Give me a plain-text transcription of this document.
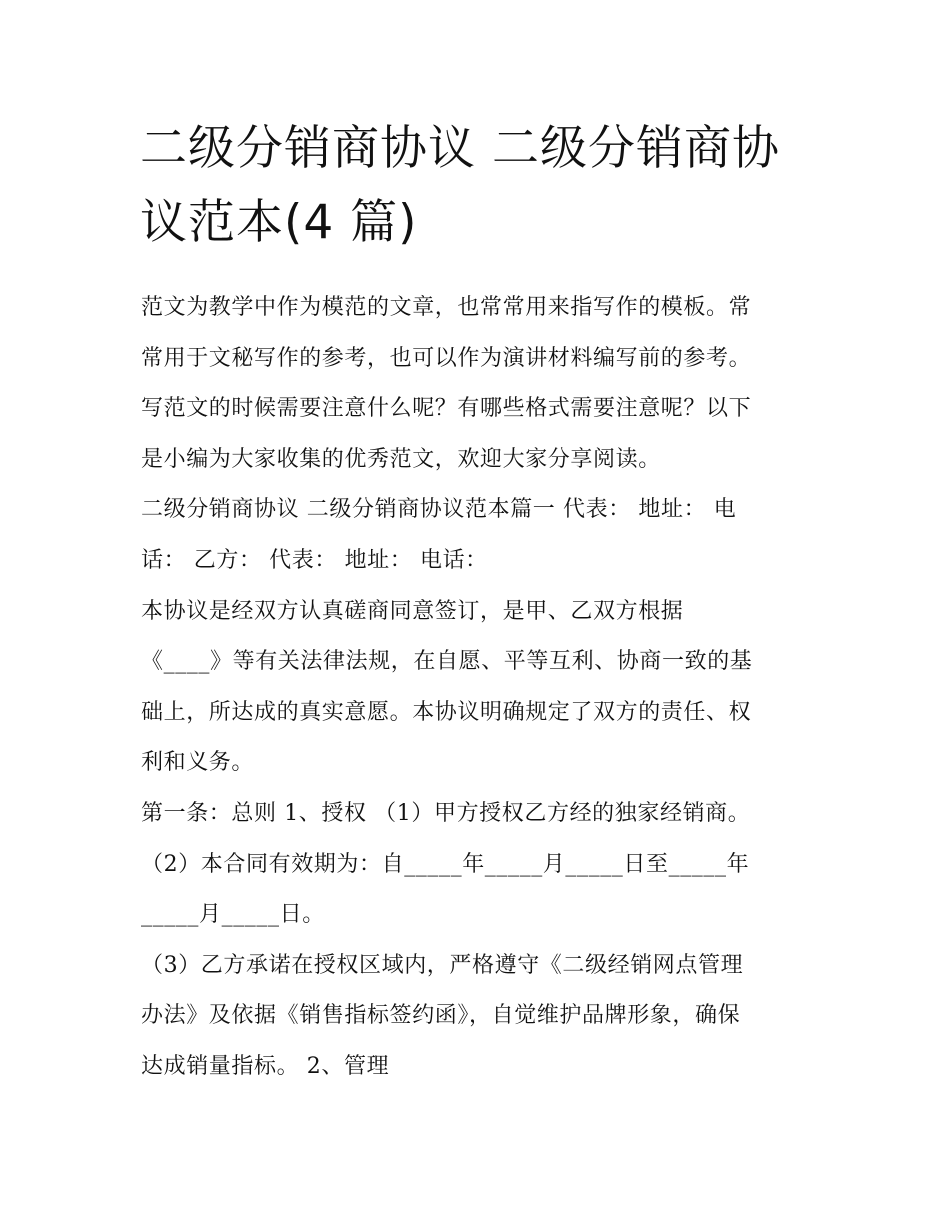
二级分销商协议 二级分销商协
议范本(4 篇)
范文为教学中作为模范的文章，也常常用来指写作的模板。常
常用于文秘写作的参考，也可以作为演讲材料编写前的参考。
写范文的时候需要注意什么呢？有哪些格式需要注意呢？以下
是小编为大家收集的优秀范文，欢迎大家分享阅读。
二级分销商协议 二级分销商协议范本篇一 代表： 地址： 电
话： 乙方： 代表： 地址： 电话：
本协议是经双方认真磋商同意签订，是甲、乙双方根据
《____》等有关法律法规，在自愿、平等互利、协商一致的基
础上，所达成的真实意愿。本协议明确规定了双方的责任、权
利和义务。
第一条：总则 1、授权 （1）甲方授权乙方经的独家经销商。
（2）本合同有效期为：自_____年_____月_____日至_____年
_____月_____日。
（3）乙方承诺在授权区域内，严格遵守《二级经销网点管理
办法》及依据《销售指标签约函》，自觉维护品牌形象，确保
达成销量指标。 2、管理
